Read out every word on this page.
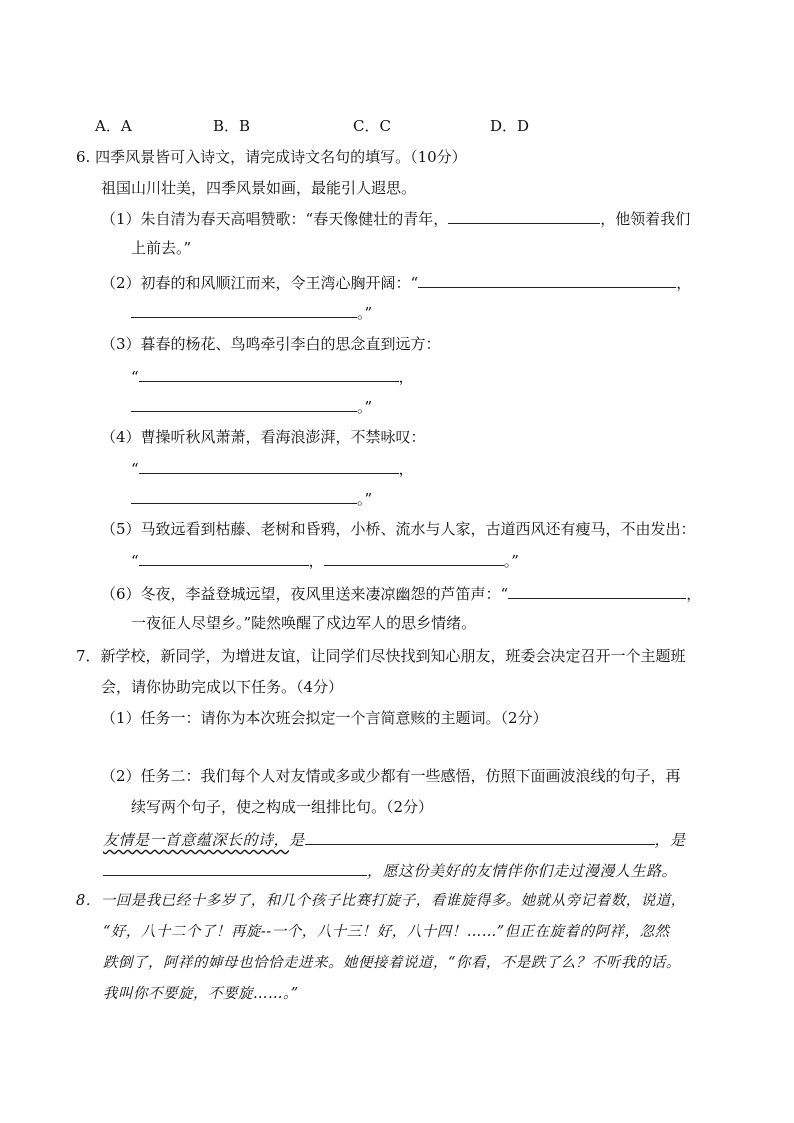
A．A	B．B	C．C	D．D
6. 四季风景皆可入诗文，请完成诗文名句的填写。（10分）
祖国山川壮美，四季风景如画，最能引人遐思。
（1）朱自清为春天高唱赞歌：“春天像健壮的青年，	，他领着我们
上前去。”
（2）初春的和风顺江而来，令王湾心胸开阔：“	，
。”
（3）暮春的杨花、鸟鸣牵引李白的思念直到远方：
“	，
。”
（4）曹操听秋风萧萧，看海浪澎湃，不禁咏叹：
“	，
。”
（5）马致远看到枯藤、老树和昏鸦，小桥、流水与人家，古道西风还有瘦马，不由发出：
“	，	。”
（6）冬夜，李益登城远望，夜风里送来凄凉幽怨的芦笛声：“	，
一夜征人尽望乡。”陡然唤醒了戍边军人的思乡情绪。
7．新学校，新同学，为增进友谊，让同学们尽快找到知心朋友，班委会决定召开一个主题班
会，请你协助完成以下任务。（4分）
（1）任务一：请你为本次班会拟定一个言简意赅的主题词。（2分）
（2）任务二：我们每个人对友情或多或少都有一些感悟，仿照下面画波浪线的句子，再
续写两个句子，使之构成一组排比句。（2分）
友情是一首意蕴深长的诗，是	，是
，愿这份美好的友情伴你们走过漫漫人生路。
8．一回是我已经十多岁了，和几个孩子比赛打旋子，看谁旋得多。她就从旁记着数，说道，
“好，八十二个了！再旋--一个，八十三！好，八十四！……”但正在旋着的阿祥，忽然
跌倒了，阿祥的婶母也恰恰走进来。她便接着说道，“你看，不是跌了么？不听我的话。
我叫你不要旋，不要旋……。”
